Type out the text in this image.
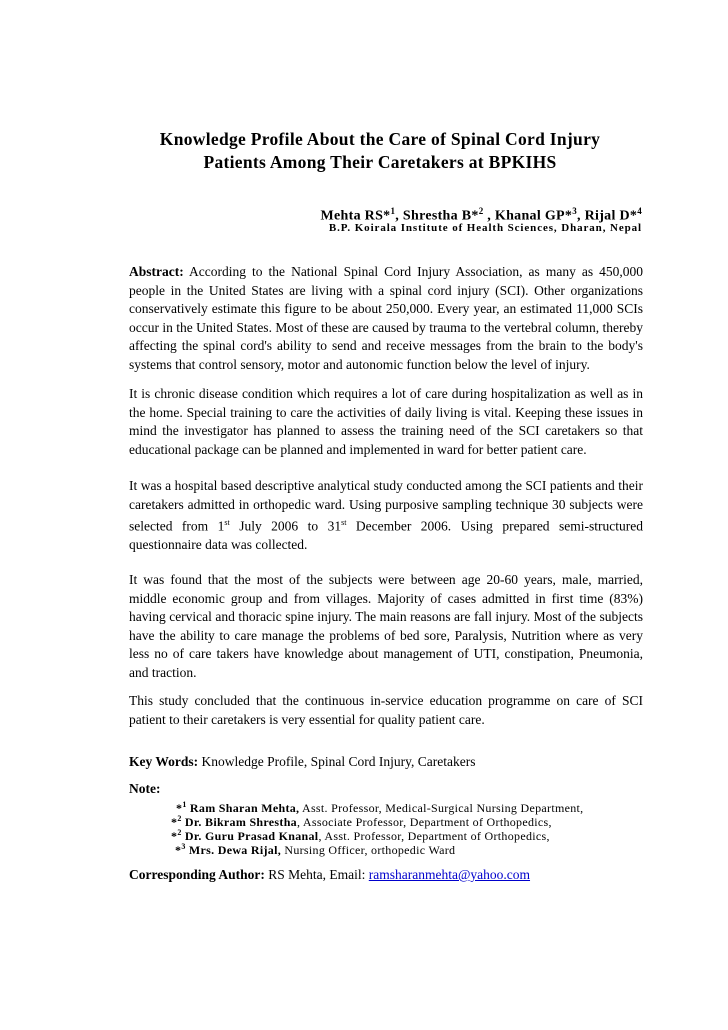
Knowledge Profile About the Care of Spinal Cord Injury
Patients Among Their Caretakers at BPKIHS
Mehta RS*$^1$, Shrestha B*$^2$ , Khanal GP*$^3$, Rijal D*$^4$
B.P. Koirala Institute of Health Sciences, Dharan, Nepal

Abstract: According to the National Spinal Cord Injury Association, as many as 450,000 people in the United States are living with a spinal cord injury (SCI). Other organizations conservatively estimate this figure to be about 250,000. Every year, an estimated 11,000 SCIs occur in the United States. Most of these are caused by trauma to the vertebral column, thereby affecting the spinal cord's ability to send and receive messages from the brain to the body's systems that control sensory, motor and autonomic function below the level of injury.

It is chronic disease condition which requires a lot of care during hospitalization as well as in the home. Special training to care the activities of daily living is vital. Keeping these issues in mind the investigator has planned to assess the training need of the SCI caretakers so that educational package can be planned and implemented in ward for better patient care.

It was a hospital based descriptive analytical study conducted among the SCI patients and their caretakers admitted in orthopedic ward. Using purposive sampling technique 30 subjects were selected from 1st July 2006 to 31st December 2006. Using prepared semi-structured questionnaire data was collected.

It was found that the most of the subjects were between age 20-60 years, male, married, middle economic group and from villages. Majority of cases admitted in first time (83%) having cervical and thoracic spine injury. The main reasons are fall injury. Most of the subjects have the ability to care manage the problems of bed sore, Paralysis, Nutrition where as very less no of care takers have knowledge about management of UTI, constipation, Pneumonia, and traction.

This study concluded that the continuous in-service education programme on care of SCI patient to their caretakers is very essential for quality patient care.

Key Words: Knowledge Profile, Spinal Cord Injury, Caretakers
Note:
*$^1$ Ram Sharan Mehta, Asst. Professor, Medical-Surgical Nursing Department,
*$^2$ Dr. Bikram Shrestha, Associate Professor, Department of Orthopedics,
*$^2$ Dr. Guru Prasad Knanal, Asst. Professor, Department of Orthopedics,
*$^3$ Mrs. Dewa Rijal, Nursing Officer, orthopedic Ward
Corresponding Author: RS Mehta, Email: ramsharanmehta@yahoo.com
